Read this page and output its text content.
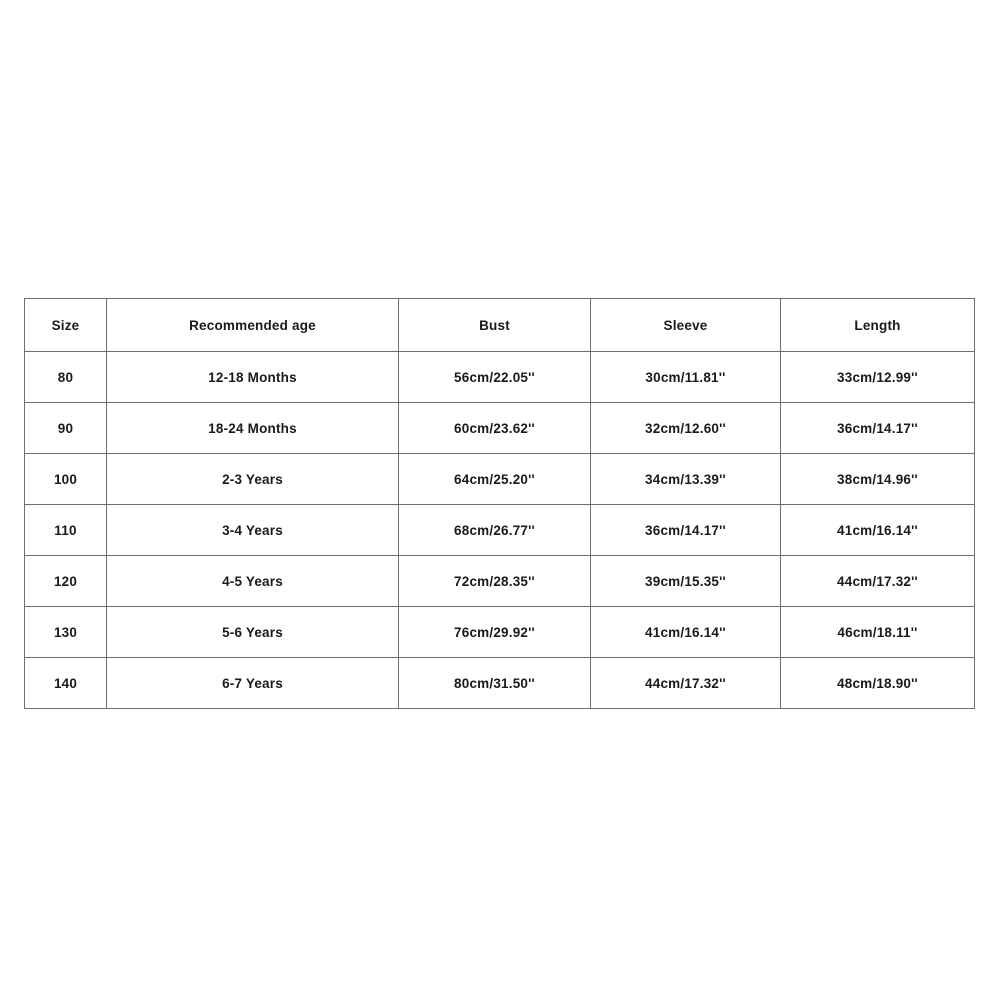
Size	Recommended age	Bust	Sleeve	Length
80	12-18 Months	56cm/22.05''	30cm/11.81''	33cm/12.99''
90	18-24 Months	60cm/23.62''	32cm/12.60''	36cm/14.17''
100	2-3 Years	64cm/25.20''	34cm/13.39''	38cm/14.96''
110	3-4 Years	68cm/26.77''	36cm/14.17''	41cm/16.14''
120	4-5 Years	72cm/28.35''	39cm/15.35''	44cm/17.32''
130	5-6 Years	76cm/29.92''	41cm/16.14''	46cm/18.11''
140	6-7 Years	80cm/31.50''	44cm/17.32''	48cm/18.90''
